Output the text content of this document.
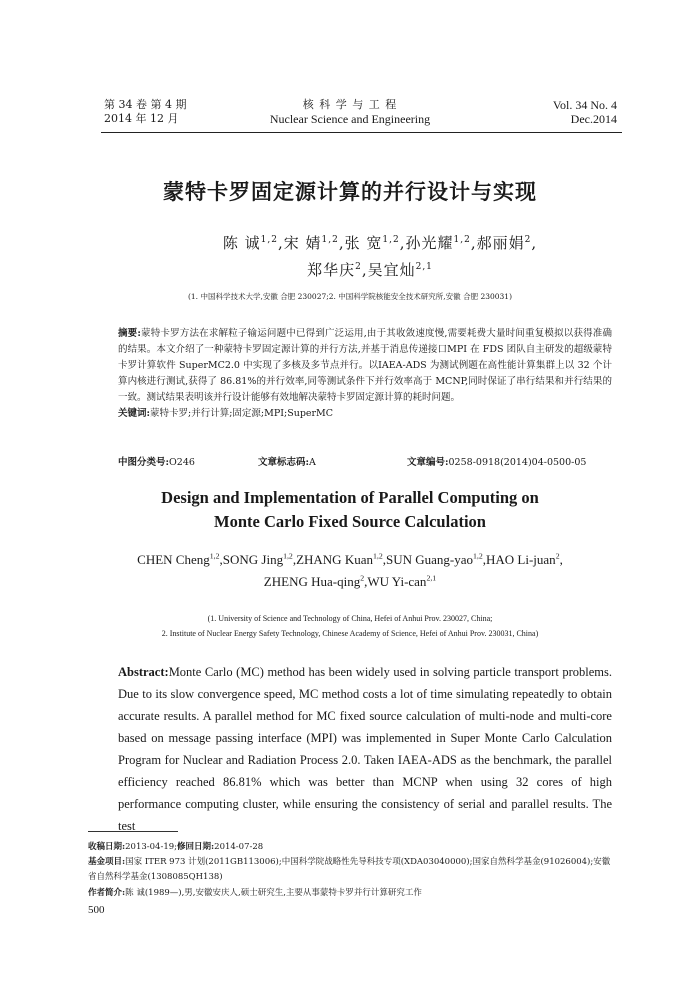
第 34 卷 第 4 期
2014 年 12 月
核 科 学 与 工 程
Nuclear Science and Engineering
Vol. 34 No. 4
Dec.2014
蒙特卡罗固定源计算的并行设计与实现
陈 诚$^{1,2}$,宋 婧$^{1,2}$,张 宽$^{1,2}$,孙光耀$^{1,2}$,郝丽娟$^2$,
郑华庆$^2$,吴宜灿$^{2,1}$
(1. 中国科学技术大学,安徽 合肥 230027;2. 中国科学院核能安全技术研究所,安徽 合肥 230031)
摘要:蒙特卡罗方法在求解粒子输运问题中已得到广泛运用,由于其收敛速度慢,需要耗费大量时间重复模拟以获得准确的结果。本文介绍了一种蒙特卡罗固定源计算的并行方法,并基于消息传递接口MPI 在 FDS 团队自主研发的超级蒙特卡罗计算软件 SuperMC2.0 中实现了多核及多节点并行。以IAEA-ADS 为测试例题在高性能计算集群上以 32 个计算内核进行测试,获得了 86.81%的并行效率,同等测试条件下并行效率高于 MCNP,同时保证了串行结果和并行结果的一致。测试结果表明该并行设计能够有效地解决蒙特卡罗固定源计算的耗时问题。
关键词:蒙特卡罗;并行计算;固定源;MPI;SuperMC
中图分类号:O246	文章标志码:A	文章编号:0258-0918(2014)04-0500-05
Design and Implementation of Parallel Computing on
Monte Carlo Fixed Source Calculation
CHEN Cheng$^{1,2}$,SONG Jing$^{1,2}$,ZHANG Kuan$^{1,2}$,SUN Guang-yao$^{1,2}$,HAO Li-juan$^2$,
ZHENG Hua-qing$^2$,WU Yi-can$^{2,1}$
(1. University of Science and Technology of China, Hefei of Anhui Prov. 230027, China;
2. Institute of Nuclear Energy Safety Technology, Chinese Academy of Science, Hefei of Anhui Prov. 230031, China)
Abstract:Monte Carlo (MC) method has been widely used in solving particle transport problems. Due to its slow convergence speed, MC method costs a lot of time simulating repeatedly to obtain accurate results. A parallel method for MC fixed source calculation of multi-node and multi-core based on message passing interface (MPI) was implemented in Super Monte Carlo Calculation Program for Nuclear and Radiation Process 2.0. Taken IAEA-ADS as the benchmark, the parallel efficiency reached 86.81% which was better than MCNP when using 32 cores of high performance computing cluster, while ensuring the consistency of serial and parallel results. The test
收稿日期:2013-04-19;修回日期:2014-07-28
基金项目:国家 ITER 973 计划(2011GB113006);中国科学院战略性先导科技专项(XDA03040000);国家自然科学基金(91026004);安徽省自然科学基金(1308085QH138)
作者简介:陈 诚(1989—),男,安徽安庆人,硕士研究生,主要从事蒙特卡罗并行计算研究工作
500
